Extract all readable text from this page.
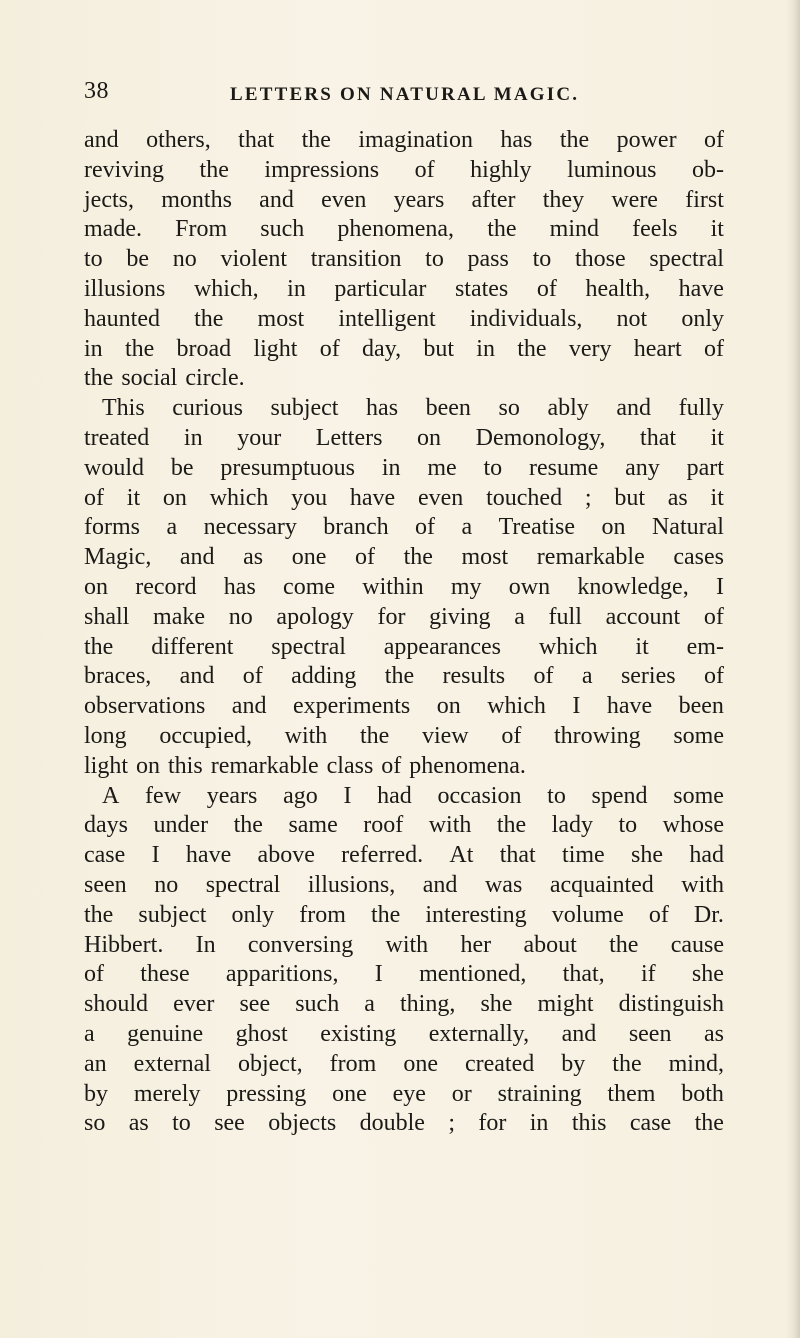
38	LETTERS ON NATURAL MAGIC.
and others, that the imagination has the power of
reviving the impressions of highly luminous ob-
jects, months and even years after they were first
made. From such phenomena, the mind feels it
to be no violent transition to pass to those spectral
illusions which, in particular states of health, have
haunted the most intelligent individuals, not only
in the broad light of day, but in the very heart of
the social circle.
This curious subject has been so ably and fully
treated in your Letters on Demonology, that it
would be presumptuous in me to resume any part
of it on which you have even touched ; but as it
forms a necessary branch of a Treatise on Natural
Magic, and as one of the most remarkable cases
on record has come within my own knowledge, I
shall make no apology for giving a full account of
the different spectral appearances which it em-
braces, and of adding the results of a series of
observations and experiments on which I have been
long occupied, with the view of throwing some
light on this remarkable class of phenomena.
A few years ago I had occasion to spend some
days under the same roof with the lady to whose
case I have above referred. At that time she had
seen no spectral illusions, and was acquainted with
the subject only from the interesting volume of Dr.
Hibbert. In conversing with her about the cause
of these apparitions, I mentioned, that, if she
should ever see such a thing, she might distinguish
a genuine ghost existing externally, and seen as
an external object, from one created by the mind,
by merely pressing one eye or straining them both
so as to see objects double ; for in this case the
